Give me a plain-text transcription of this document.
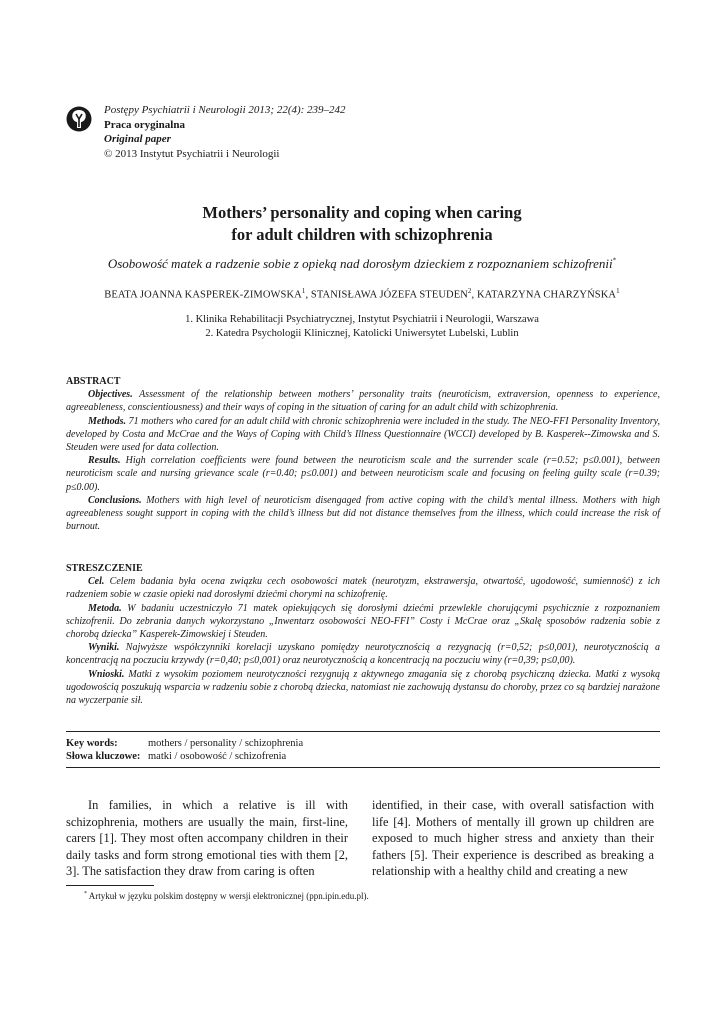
Postępy Psychiatrii i Neurologii 2013; 22(4): 239–242
Praca oryginalna
Original paper
© 2013 Instytut Psychiatrii i Neurologii
Mothers’ personality and coping when caring
for adult children with schizophrenia
Osobowość matek a radzenie sobie z opieką nad dorosłym dzieckiem z rozpoznaniem schizofrenii*
BEATA JOANNA KASPEREK-ZIMOWSKA$^1$, STANISŁAWA JÓZEFA STEUDEN$^2$, KATARZYNA CHARZYŃSKA$^1$
1. Klinika Rehabilitacji Psychiatrycznej, Instytut Psychiatrii i Neurologii, Warszawa
2. Katedra Psychologii Klinicznej, Katolicki Uniwersytet Lubelski, Lublin
ABSTRACT

Objectives. Assessment of the relationship between mothers’ personality traits (neuroticism, extraversion, openness to experience, agreeableness, conscientiousness) and their ways of coping in the situation of caring for an adult child with schizophrenia.

Methods. 71 mothers who cared for an adult child with chronic schizophrenia were included in the study. The NEO-FFI Personality Inventory, developed by Costa and McCrae and the Ways of Coping with Child’s Illness Questionnaire (WCCI) developed by B. Kasperek--Zimowska and S. Steuden were used for data collection.

Results. High correlation coefficients were found between the neuroticism scale and the surrender scale (r=0.52; p≤0.001), between neuroticism scale and nursing grievance scale (r=0.40; p≤0.001) and between neuroticism scale and focusing on feeling guilty scale (r=0.39; p≤0.00).

Conclusions. Mothers with high level of neuroticism disengaged from active coping with the child’s mental illness. Mothers with high agreeableness sought support in coping with the child’s illness but did not distance themselves from the illness, which could increase the risk of burnout.

STRESZCZENIE

Cel. Celem badania była ocena związku cech osobowości matek (neurotyzm, ekstrawersja, otwartość, ugodowość, sumienność) z ich radzeniem sobie w czasie opieki nad dorosłymi dziećmi chorymi na schizofrenię.

Metoda. W badaniu uczestniczyło 71 matek opiekujących się dorosłymi dziećmi przewlekle chorującymi psychicznie z rozpoznaniem schizofrenii. Do zebrania danych wykorzystano „Inwentarz osobowości NEO-FFI” Costy i McCrae oraz „Skalę sposobów radzenia sobie z chorobą dziecka” Kasperek-Zimowskiej i Steuden.

Wyniki. Najwyższe współczynniki korelacji uzyskano pomiędzy neurotycznością a rezygnacją (r=0,52; p≤0,001), neurotycznością a koncentracją na poczuciu krzywdy (r=0,40; p≤0,001) oraz neurotycznością a koncentracją na poczuciu winy (r=0,39; p≤0,00).

Wnioski. Matki z wysokim poziomem neurotyczności rezygnują z aktywnego zmagania się z chorobą psychiczną dziecka. Matki z wysoką ugodowością poszukują wsparcia w radzeniu sobie z chorobą dziecka, natomiast nie zachowują dystansu do choroby, przez co są bardziej narażone na wyczerpanie sił.

Key words:	mothers / personality / schizophrenia
Słowa kluczowe: matki / osobowość / schizofrenia
In families, in which a relative is ill with schizophrenia, mothers are usually the main, first-line, carers [1]. They most often accompany children in their daily tasks and form strong emotional ties with them [2, 3]. The satisfaction they draw from caring is often
identified, in their case, with overall satisfaction with life [4]. Mothers of mentally ill grown up children are exposed to much higher stress and anxiety than their fathers [5]. Their experience is described as breaking a relationship with a healthy child and creating a new
* Artykuł w języku polskim dostępny w wersji elektronicznej (ppn.ipin.edu.pl).
